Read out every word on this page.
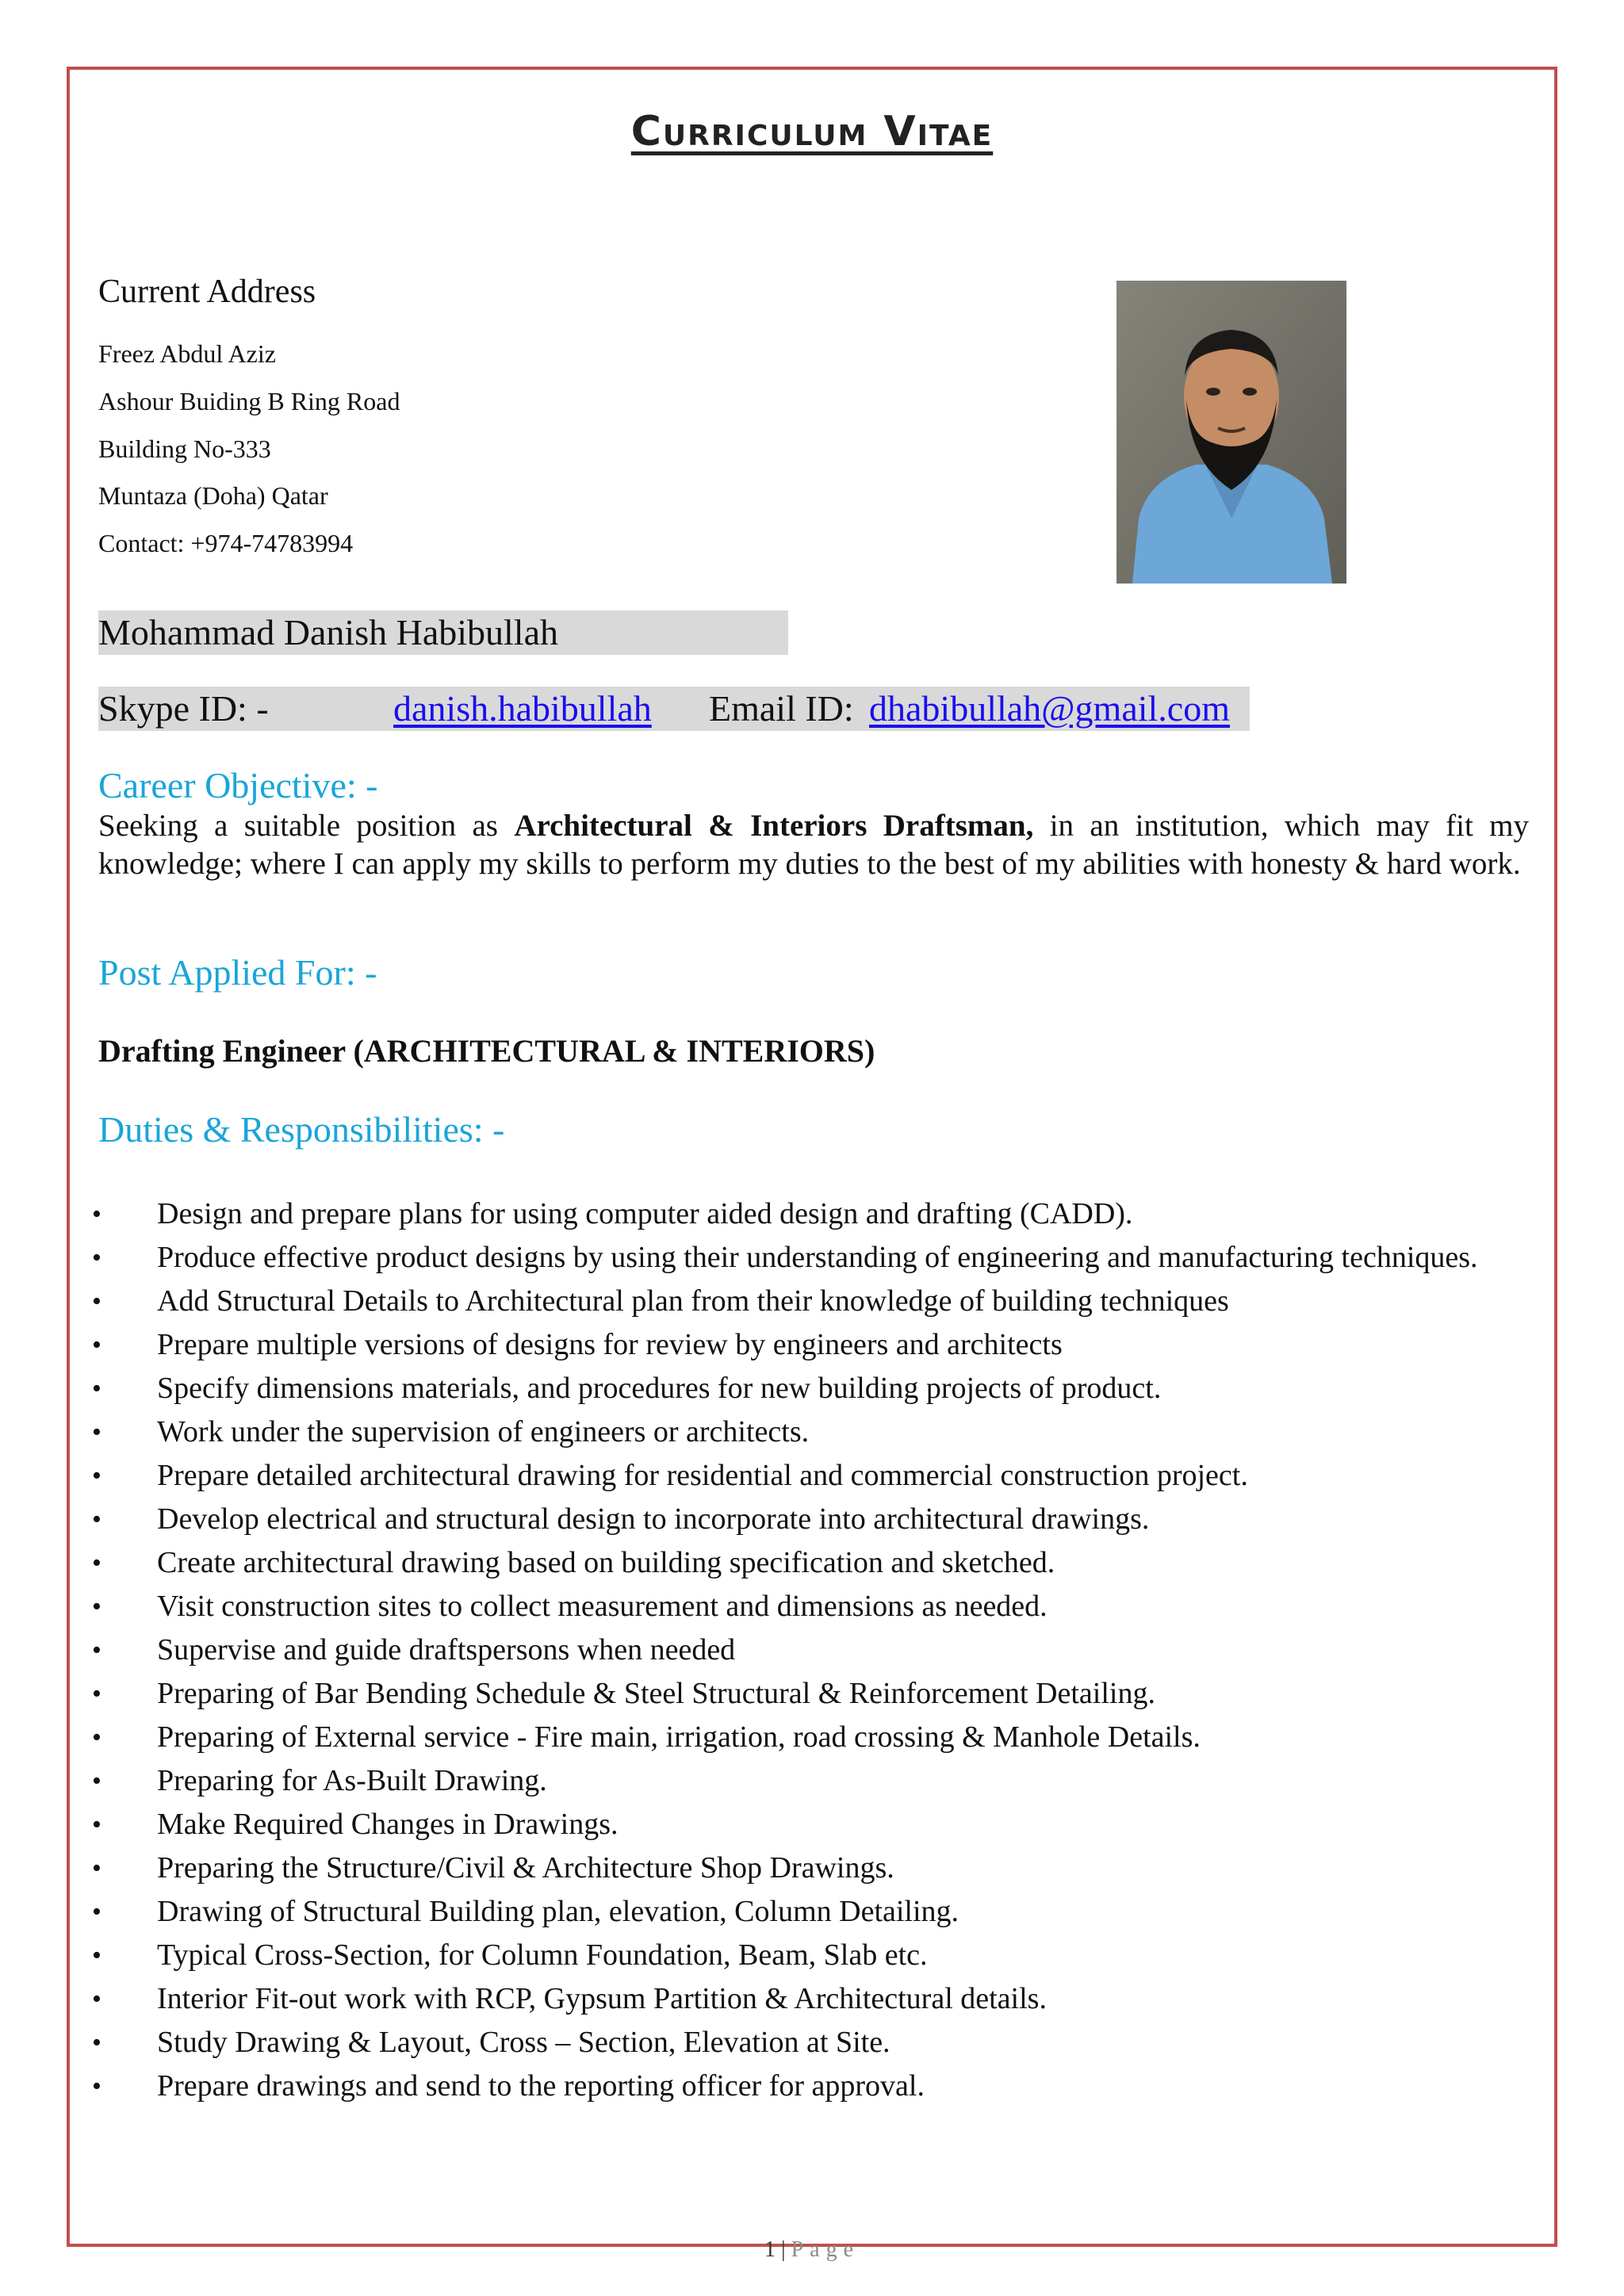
Curriculum Vitae

Current Address

Freez Abdul Aziz

Ashour Buiding B Ring Road

Building No-333

Muntaza (Doha) Qatar

Contact: +974-74783994

Mohammad Danish Habibullah
Skype ID: -	danish.habibullah Email ID: dhabibullah@gmail.com
Career Objective: -

Seeking a suitable position as Architectural & Interiors Draftsman, in an institution, which may fit my knowledge; where I can apply my skills to perform my duties to the best of my abilities with honesty & hard work.

Post Applied For: -

Drafting Engineer (ARCHITECTURAL & INTERIORS)

Duties & Responsibilities: -
• Design and prepare plans for using computer aided design and drafting (CADD).
• Produce effective product designs by using their understanding of engineering and manufacturing techniques.
• Add Structural Details to Architectural plan from their knowledge of building techniques
• Prepare multiple versions of designs for review by engineers and architects
• Specify dimensions materials, and procedures for new building projects of product.
• Work under the supervision of engineers or architects.
• Prepare detailed architectural drawing for residential and commercial construction project.
• Develop electrical and structural design to incorporate into architectural drawings.
• Create architectural drawing based on building specification and sketched.
• Visit construction sites to collect measurement and dimensions as needed.
• Supervise and guide draftspersons when needed
• Preparing of Bar Bending Schedule & Steel Structural & Reinforcement Detailing.
• Preparing of External service - Fire main, irrigation, road crossing & Manhole Details.
• Preparing for As-Built Drawing.
• Make Required Changes in Drawings.
• Preparing the Structure/Civil & Architecture Shop Drawings.
• Drawing of Structural Building plan, elevation, Column Detailing.
• Typical Cross-Section, for Column Foundation, Beam, Slab etc.
• Interior Fit-out work with RCP, Gypsum Partition & Architectural details.
• Study Drawing & Layout, Cross – Section, Elevation at Site.
• Prepare drawings and send to the reporting officer for approval.

1 | Page
